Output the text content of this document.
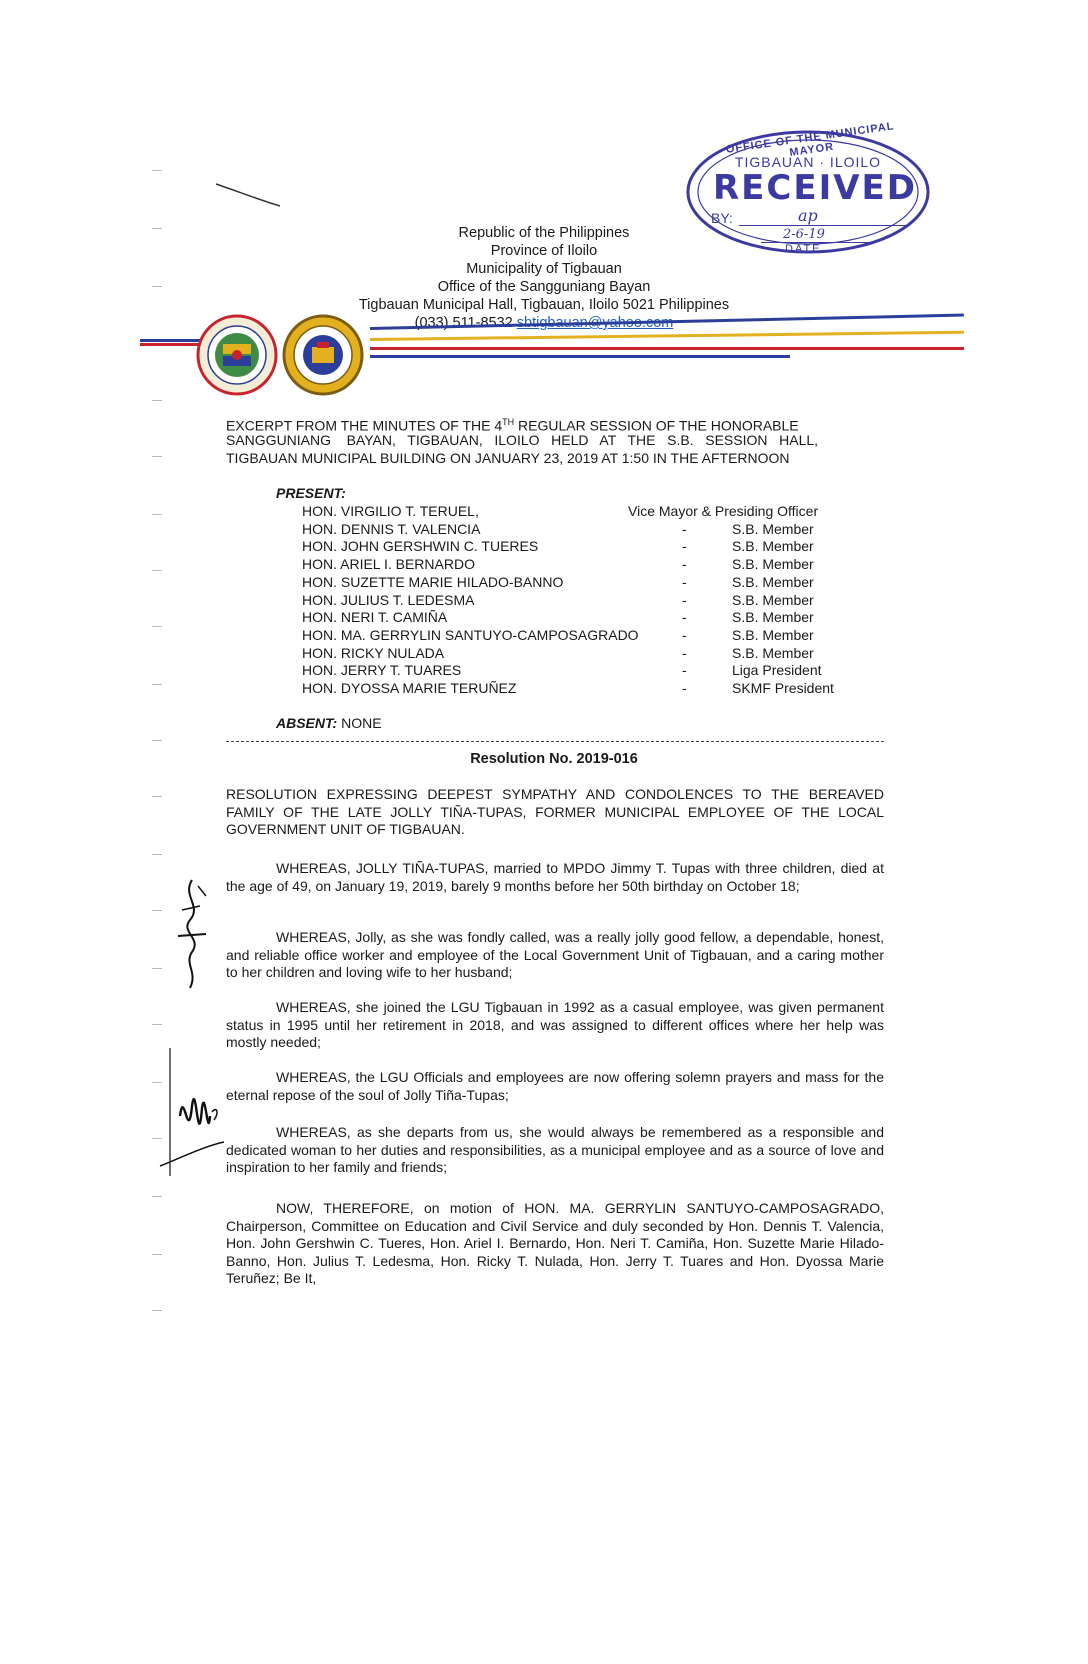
OFFICE OF THE MUNICIPAL MAYOR
TIGBAUAN · ILOILO
RECEIVED
BY:	ap
2-6-19
DATE
Republic of the Philippines
Province of Iloilo
Municipality of Tigbauan
Office of the Sangguniang Bayan
Tigbauan Municipal Hall, Tigbauan, Iloilo 5021 Philippines
(033) 511-8532
EXCERPT FROM THE MINUTES OF THE 4TH REGULAR SESSION OF THE HONORABLE
SANGGUNIANG    BAYAN,   TIGBAUAN,   ILOILO   HELD   AT   THE   S.B.   SESSION   HALL,
TIGBAUAN MUNICIPAL BUILDING ON JANUARY 23, 2019 AT 1:50 IN THE AFTERNOON
PRESENT:
HON. VIRGILIO T. TERUEL,	Vice Mayor & Presiding Officer
HON. DENNIS T. VALENCIA	-	S.B. Member
HON. JOHN GERSHWIN C. TUERES	-	S.B. Member
HON. ARIEL I. BERNARDO	-	S.B. Member
HON. SUZETTE MARIE HILADO-BANNO	-	S.B. Member
HON. JULIUS T. LEDESMA	-	S.B. Member
HON. NERI T. CAMIÑA	-	S.B. Member
HON. MA. GERRYLIN SANTUYO-CAMPOSAGRADO	-	S.B. Member
HON. RICKY NULADA	-	S.B. Member
HON. JERRY T. TUARES	-	Liga President
HON. DYOSSA MARIE TERUÑEZ	-	SKMF President
ABSENT: NONE
Resolution No. 2019-016
RESOLUTION EXPRESSING DEEPEST SYMPATHY AND CONDOLENCES TO THE BEREAVED FAMILY OF THE LATE JOLLY TIÑA-TUPAS, FORMER MUNICIPAL EMPLOYEE OF THE LOCAL GOVERNMENT UNIT OF TIGBAUAN.
WHEREAS, JOLLY TIÑA-TUPAS, married to MPDO Jimmy T. Tupas with three children, died at the age of 49, on January 19, 2019, barely 9 months before her 50th birthday on October 18;
WHEREAS, Jolly, as she was fondly called, was a really jolly good fellow, a dependable, honest, and reliable office worker and employee of the Local Government Unit of Tigbauan, and a caring mother to her children and loving wife to her husband;
WHEREAS, she joined the LGU Tigbauan in 1992 as a casual employee, was given permanent status in 1995 until her retirement in 2018, and was assigned to different offices where her help was mostly needed;
WHEREAS, the LGU Officials and employees are now offering solemn prayers and mass for the eternal repose of the soul of Jolly Tiña-Tupas;
WHEREAS, as she departs from us, she would always be remembered as a responsible and dedicated woman to her duties and responsibilities, as a municipal employee and as a source of love and inspiration to her family and friends;
NOW, THEREFORE, on motion of HON. MA. GERRYLIN SANTUYO-CAMPOSAGRADO, Chairperson, Committee on Education and Civil Service and duly seconded by Hon. Dennis T. Valencia, Hon. John Gershwin C. Tueres, Hon. Ariel I. Bernardo, Hon. Neri T. Camiña, Hon. Suzette Marie Hilado-Banno, Hon. Julius T. Ledesma, Hon. Ricky T. Nulada, Hon. Jerry T. Tuares and Hon. Dyossa Marie Teruñez; Be It,
